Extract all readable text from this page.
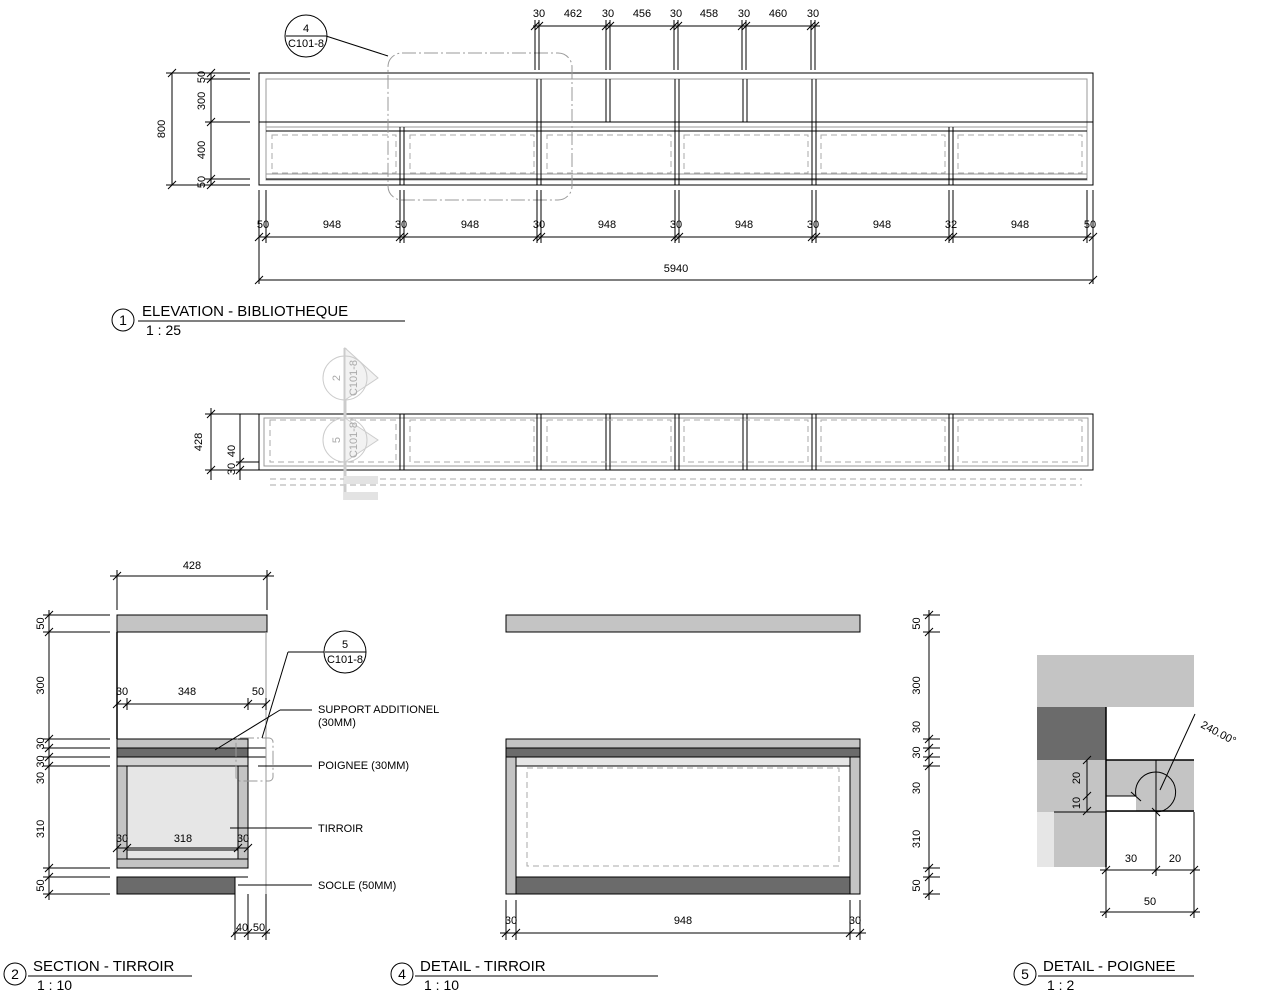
4
C101-8
30 462 30 456 30 458 30 460 30
50
300
400
50
800
50	948	30	948	30	948	30	948	30	948	32	948	50
5940
1 ELEVATION - BIBLIOTHEQUE
1 : 25
2 C101-8
5 C101-8
428 40
30
5
C101-8
SUPPORT ADDITIONEL
(30MM)
POIGNEE (30MM)
TIRROIR
SOCLE (50MM)
428
30	348	50
30	318	30
40 50
50
300
30
30
30
310
50
2 SECTION - TIRROIR
1 : 10
30	948	30
50
300
30
30
30
310
50
4 DETAIL - TIRROIR
1 : 10
240.00°
20
10
30	20
50
5 DETAIL - POIGNEE
1 : 2
